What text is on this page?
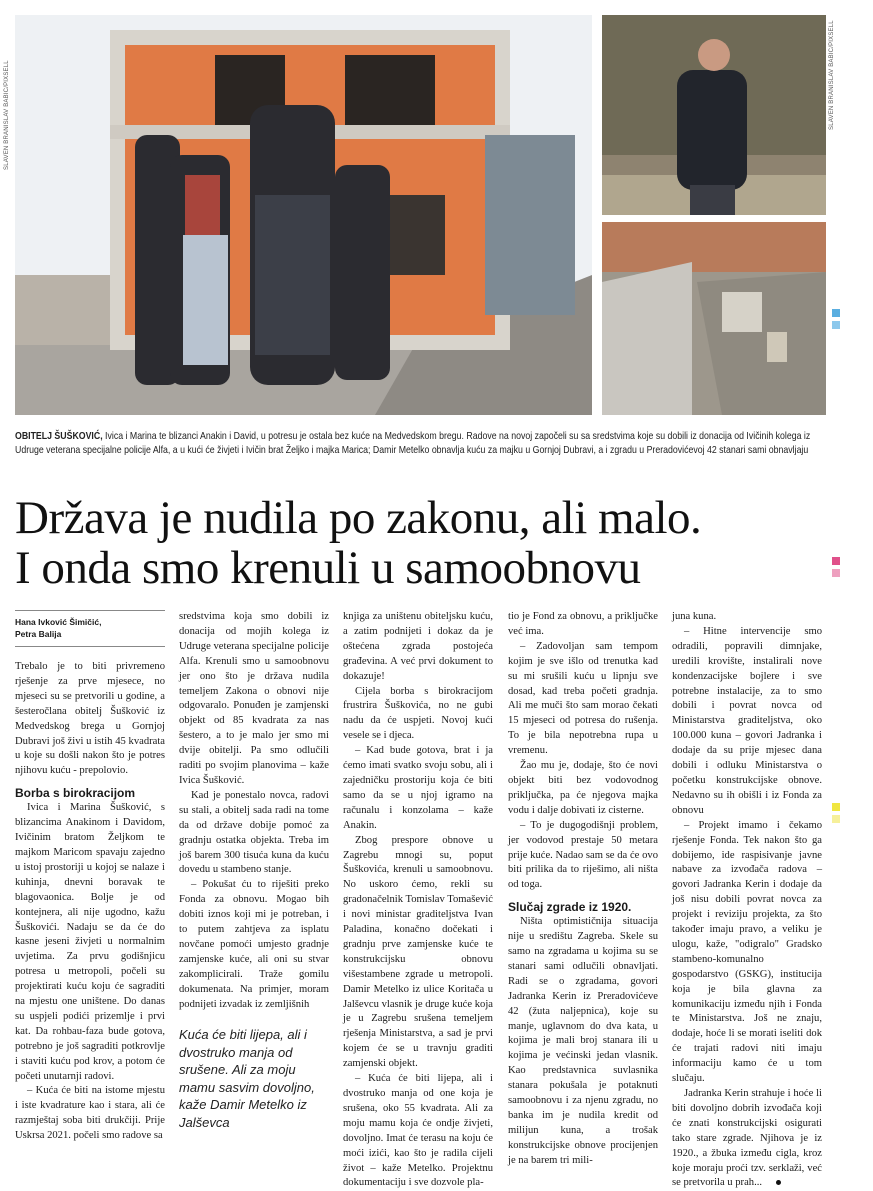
SLAVEN BRANISLAV BABIĆ/PIXSELL	SLAVEN BRANISLAV BABIĆ/PIXSELL
OBITELJ ŠUŠKOVIĆ, Ivica i Marina te blizanci Anakin i David, u potresu je ostala bez kuće na Medvedskom bregu. Radove na novoj započeli su sa sredstvima koje su dobili iz donacija od Ivičinih kolega iz Udruge veterana specijalne policije Alfa, a u kući će živjeti i Ivičin brat Željko i majka Marica; Damir Metelko obnavlja kuću za majku u Gornjoj Dubravi, a i zgradu u Preradovićevoj 42 stanari sami obnavljaju
Država je nudila po zakonu, ali malo.
I onda smo krenuli u samoobnovu
Hana Ivković Šimičić,
Petra Balija

Trebalo je to biti privremeno rješenje za prve mjesece, no mjeseci su se pretvorili u godine, a šesteročlana obitelj Šušković iz Medvedskog brega u Gornjoj Dubravi još živi u istih 45 kvadrata u koje su došli nakon što je potres njihovu kuću - prepolovio.

Borba s birokracijom

Ivica i Marina Šušković, s blizancima Anakinom i Davidom, Ivičinim bratom Željkom te majkom Maricom spavaju zajedno u istoj prostoriji u kojoj se nalaze i kuhinja, dnevni boravak te blagovaonica. Bolje je od kontejnera, ali nije ugodno, kažu Šuškovići. Nadaju se da će do kasne jeseni živjeti u normalnim uvjetima. Za prvu godišnjicu potresa u metropoli, počeli su projektirati kuću koju će sagraditi na mjestu one uništene. Do danas su uspjeli podići prizemlje i prvi kat. Da rohbau-faza bude gotova, potrebno je još sagraditi potkrovlje i staviti kuću pod krov, a potom će početi unutarnji radovi.

– Kuća će biti na istome mjestu i iste kvadrature kao i stara, ali će razmještaj soba biti drukčiji. Prije Uskrsa 2021. počeli smo radove sa

sredstvima koja smo dobili iz donacija od mojih kolega iz Udruge veterana specijalne policije Alfa. Krenuli smo u samoobnovu jer ono što je država nudila temeljem Zakona o obnovi nije odgovaralo. Ponuđen je zamjenski objekt od 85 kvadrata za nas šestero, a to je malo jer smo mi dvije obitelji. Pa smo odlučili raditi po svojim planovima – kaže Ivica Šušković.

Kad je ponestalo novca, radovi su stali, a obitelj sada radi na tome da od države dobije pomoć za gradnju ostatka objekta. Treba im još barem 300 tisuća kuna da kuću dovedu u stambeno stanje.

– Pokušat ću to riješiti preko Fonda za obnovu. Mogao bih dobiti iznos koji mi je potreban, i to putem zahtjeva za isplatu novčane pomoći umjesto gradnje zamjenske kuće, ali oni su stvar zakomplicirali. Traže gomilu dokumenata. Na primjer, moram podnijeti izvadak iz zemljišnih

Kuća će biti lijepa, ali i dvostruko manja od srušene. Ali za moju mamu sasvim dovoljno, kaže Damir Metelko iz Jalševca

knjiga za uništenu obiteljsku kuću, a zatim podnijeti i dokaz da je oštećena zgrada postojeća građevina. A već prvi dokument to dokazuje!

Cijela borba s birokracijom frustrira Šuškovića, no ne gubi nadu da će uspjeti. Novoj kući vesele se i djeca.

– Kad bude gotova, brat i ja ćemo imati svatko svoju sobu, ali i zajedničku prostoriju koja će biti samo da se u njoj igramo na računalu i konzolama – kaže Anakin.

Zbog prespore obnove u Zagrebu mnogi su, poput Šuškovića, krenuli u samoobnovu. No uskoro ćemo, rekli su gradonačelnik Tomislav Tomašević i novi ministar graditeljstva Ivan Paladina, konačno dočekati i gradnju prve zamjenske kuće te konstrukcijsku obnovu višestambene zgrade u metropoli. Damir Metelko iz ulice Koritača u Jalševcu vlasnik je druge kuće koja je u Zagrebu srušena temeljem rješenja Ministarstva, a sad je prvi kojem će se u travnju graditi zamjenski objekt.

– Kuća će biti lijepa, ali i dvostruko manja od one koja je srušena, oko 55 kvadrata. Ali za moju mamu koja će ondje živjeti, dovoljno. Imat će terasu na koju će moći izići, kao što je radila cijeli život – kaže Metelko. Projektnu dokumentaciju i sve dozvole pla-

tio je Fond za obnovu, a priključke već ima.

– Zadovoljan sam tempom kojim je sve išlo od trenutka kad su mi srušili kuću u lipnju sve dosad, kad treba početi gradnja. Ali me muči što sam morao čekati 15 mjeseci od potresa do rušenja. To je bila nepotrebna rupa u vremenu.

Žao mu je, dodaje, što će novi objekt biti bez vodovodnog priključka, pa će njegova majka vodu i dalje dobivati iz cisterne.

– To je dugogodišnji problem, jer vodovod prestaje 50 metara prije kuće. Nadao sam se da će ovo biti prilika da to riješimo, ali ništa od toga.

Slučaj zgrade iz 1920.

Ništa optimističnija situacija nije u središtu Zagreba. Skele su samo na zgradama u kojima su se stanari sami odlučili obnavljati. Radi se o zgradama, govori Jadranka Kerin iz Preradovićeve 42 (žuta naljepnica), koje su manje, uglavnom do dva kata, u kojima je mali broj stanara ili u kojima je većinski jedan vlasnik. Kao predstavnica suvlasnika stanara pokušala je potaknuti samoobnovu i za njenu zgradu, no banka im je nudila kredit od milijun kuna, a trošak konstrukcijske obnove procijenjen je na barem tri mili-

juna kuna.

– Hitne intervencije smo odradili, popravili dimnjake, uredili krovište, instalirali nove kondenzacijske bojlere i sve potrebne instalacije, za to smo dobili i povrat novca od Ministarstva graditeljstva, oko 100.000 kuna – govori Jadranka i dodaje da su prije mjesec dana dobili i odluku Ministarstva o početku konstrukcijske obnove. Nedavno su ih obišli i iz Fonda za obnovu

– Projekt imamo i čekamo rješenje Fonda. Tek nakon što ga dobijemo, ide raspisivanje javne nabave za izvođača radova – govori Jadranka Kerin i dodaje da još nisu dobili povrat novca za projekt i reviziju projekta, za što također imaju pravo, a veliku je ulogu, kaže, "odigralo" Gradsko stambeno-komunalno gospodarstvo (GSKG), institucija koja je bila glavna za komunikaciju između njih i Fonda te Ministarstva. Još ne znaju, dodaje, hoće li se morati iseliti dok će trajati radovi niti imaju informaciju kamo će u tom slučaju.

Jadranka Kerin strahuje i hoće li biti dovoljno dobrih izvođača koji će znati konstrukcijski osigurati tako stare zgrade. Njihova je iz 1920., a žbuka između cigla, kroz koje moraju proći tzv. serklaži, već se pretvorila u prah...
